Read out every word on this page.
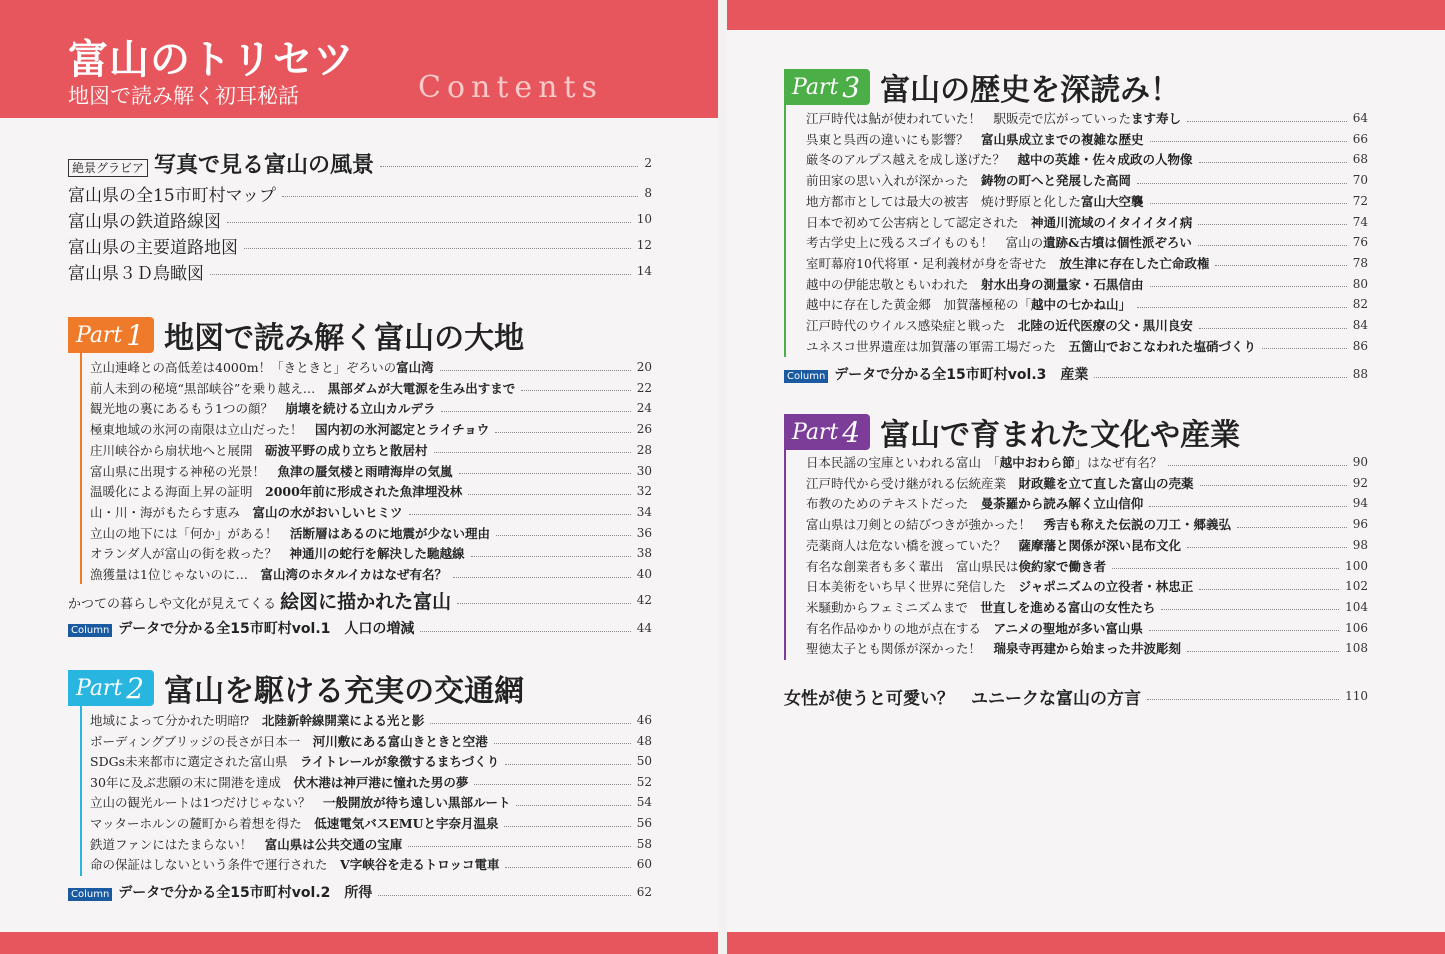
富山のトリセツ
地図で読み解く初耳秘話	Contents
絶景グラビア 写真で見る富山の風景	2
富山県の全15市町村マップ	8
富山県の鉄道路線図	10
富山県の主要道路地図	12
富山県３Ｄ鳥瞰図	14
Part 1 地図で読み解く富山の大地
立山連峰との高低差は4000m！「きときと」ぞろいの富山湾	20
前人未到の秘境“黒部峡谷”を乗り越え…　黒部ダムが大電源を生み出すまで	22
観光地の裏にあるもう1つの顔？　崩壊を続ける立山カルデラ	24
極東地域の氷河の南限は立山だった！　国内初の氷河認定とライチョウ	26
庄川峡谷から扇状地へと展開　砺波平野の成り立ちと散居村	28
富山県に出現する神秘の光景！　魚津の蜃気楼と雨晴海岸の気嵐	30
温暖化による海面上昇の証明　2000年前に形成された魚津埋没林	32
山・川・海がもたらす恵み　富山の水がおいしいヒミツ	34
立山の地下には「何か」がある！　活断層はあるのに地震が少ない理由	36
オランダ人が富山の街を救った？　神通川の蛇行を解決した馳越線	38
漁獲量は1位じゃないのに…　富山湾のホタルイカはなぜ有名？	40
かつての暮らしや文化が見えてくる 絵図に描かれた富山	42
Column データで分かる全15市町村vol.1　人口の増減	44
Part 2 富山を駆ける充実の交通網
地域によって分かれた明暗⁉　北陸新幹線開業による光と影	46
ボーディングブリッジの長さが日本一　河川敷にある富山きときと空港	48
SDGs未来都市に選定された富山県　ライトレールが象徴するまちづくり	50
30年に及ぶ悲願の末に開港を達成　伏木港は神戸港に憧れた男の夢	52
立山の観光ルートは1つだけじゃない？　一般開放が待ち遠しい黒部ルート	54
マッターホルンの麓町から着想を得た　低速電気バスEMUと宇奈月温泉	56
鉄道ファンにはたまらない！　富山県は公共交通の宝庫	58
命の保証はしないという条件で運行された　V字峡谷を走るトロッコ電車	60
Column データで分かる全15市町村vol.2　所得	62
Part 3 富山の歴史を深読み！
江戸時代は鮎が使われていた！　駅販売で広がっていったます寿し	64
呉東と呉西の違いにも影響？　富山県成立までの複雑な歴史	66
厳冬のアルプス越えを成し遂げた？　越中の英雄・佐々成政の人物像	68
前田家の思い入れが深かった　鋳物の町へと発展した高岡	70
地方都市としては最大の被害　焼け野原と化した富山大空襲	72
日本で初めて公害病として認定された　神通川流域のイタイイタイ病	74
考古学史上に残るスゴイものも！　富山の遺跡&古墳は個性派ぞろい	76
室町幕府10代将軍・足利義材が身を寄せた　放生津に存在した亡命政権	78
越中の伊能忠敬ともいわれた　射水出身の測量家・石黒信由	80
越中に存在した黄金郷　加賀藩極秘の「越中の七かね山」	82
江戸時代のウイルス感染症と戦った　北陸の近代医療の父・黒川良安	84
ユネスコ世界遺産は加賀藩の軍需工場だった　五箇山でおこなわれた塩硝づくり	86
Column データで分かる全15市町村vol.3　産業	88
Part 4 富山で育まれた文化や産業
日本民謡の宝庫といわれる富山　「越中おわら節」はなぜ有名？	90
江戸時代から受け継がれる伝統産業　財政難を立て直した富山の売薬	92
布教のためのテキストだった　曼荼羅から読み解く立山信仰	94
富山県は刀剣との結びつきが強かった！　秀吉も称えた伝説の刀工・郷義弘	96
売薬商人は危ない橋を渡っていた？　薩摩藩と関係が深い昆布文化	98
有名な創業者も多く輩出　富山県民は倹約家で働き者	100
日本美術をいち早く世界に発信した　ジャポニズムの立役者・林忠正	102
米騒動からフェミニズムまで　世直しを進める富山の女性たち	104
有名作品ゆかりの地が点在する　アニメの聖地が多い富山県	106
聖徳太子とも関係が深かった！　瑞泉寺再建から始まった井波彫刻	108
女性が使うと可愛い？　ユニークな富山の方言	110
